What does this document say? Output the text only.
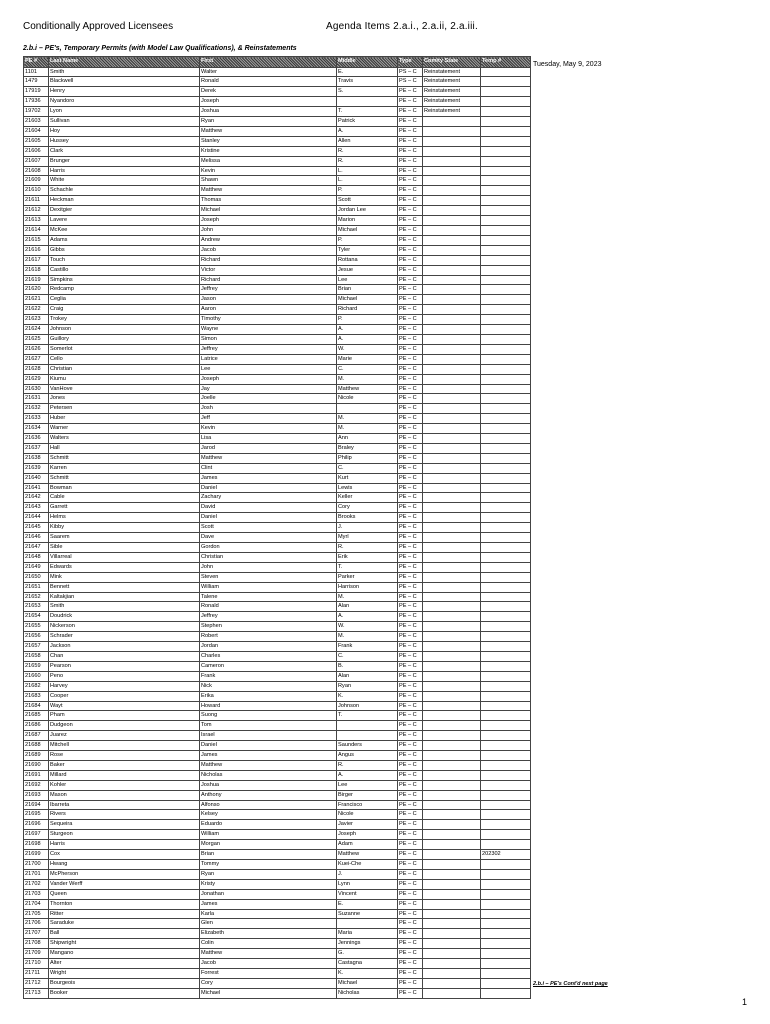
Conditionally Approved Licensees	Agenda Items 2.a.i., 2.a.ii, 2.a.iii.
2.b.i – PE's, Temporary Permits (with Model Law Qualifications), & Reinstatements
Tuesday, May 9, 2023
PE #	Last Name	First	Middle	Type	Comity State	Temp #
1101	Smith	Walter	E.	PS – C	Reinstatement	
1479	Blackwell	Ronald	Travis	PS – C	Reinstatement	
17919	Henry	Derek	S.	PE – C	Reinstatement	
17936	Nyandoro	Joseph		PE – C	Reinstatement	
19702	Lyon	Joshua	T.	PE – C	Reinstatement	
21603	Sullivan	Ryan	Patrick	PE – C		
21604	Hoy	Matthew	A.	PE – C		
21605	Hussey	Stanley	Allen	PE – C		
21606	Clark	Kristine	R.	PE – C		
21607	Brunger	Melissa	R.	PE – C		
21608	Harris	Kevin	L.	PE – C		
21609	White	Shawn	L.	PE – C		
21610	Schachle	Matthew	P.	PE – C		
21611	Heckman	Thomas	Scott	PE – C		
21612	Dexitgier	Michael	Jordan Lee	PE – C		
21613	Lavere	Joseph	Marion	PE – C		
21614	McKee	John	Michael	PE – C		
21615	Adams	Andrew	P.	PE – C		
21616	Gibbs	Jacob	Tyler	PE – C		
21617	Touch	Richard	Rottana	PE – C		
21618	Castillo	Victor	Jesue	PE – C		
21619	Simpkins	Richard	Lee	PE – C		
21620	Redcamp	Jeffrey	Brian	PE – C		
21621	Ceglia	Jason	Michael	PE – C		
21622	Craig	Aaron	Richard	PE – C		
21623	Trokey	Timothy	P.	PE – C		
21624	Johnson	Wayne	A.	PE – C		
21625	Guillory	Simon	A.	PE – C		
21626	Somerlot	Jeffrey	W.	PE – C		
21627	Cello	Latrice	Marie	PE – C		
21628	Christian	Lee	C.	PE – C		
21629	Kiumu	Joseph	M.	PE – C		
21630	VanHove	Jay	Matthew	PE – C		
21631	Jones	Joelle	Nicole	PE – C		
21632	Petersen	Josh		PE – C		
21633	Huber	Jeff	M.	PE – C		
21634	Warner	Kevin	M.	PE – C		
21636	Walters	Lisa	Ann	PE – C		
21637	Hall	Jarod	Braley	PE – C		
21638	Schmitt	Matthew	Philip	PE – C		
21639	Karren	Clint	C.	PE – C		
21640	Schmitt	James	Kurt	PE – C		
21641	Bowman	Daniel	Lewis	PE – C		
21642	Cable	Zachary	Keller	PE – C		
21643	Garrett	David	Cory	PE – C		
21644	Helms	Daniel	Brooks	PE – C		
21645	Kibby	Scott	J.	PE – C		
21646	Saarem	Dave	Myrl	PE – C		
21647	Sible	Gordon	R.	PE – C		
21648	Villarreal	Christian	Erik	PE – C		
21649	Edwards	John	T.	PE – C		
21650	Mink	Steven	Parker	PE – C		
21651	Bennett	William	Harrison	PE – C		
21652	Kaltakjian	Talene	M.	PE – C		
21653	Smith	Ronald	Alan	PE – C		
21654	Doudrick	Jeffrey	A.	PE – C		
21655	Nickerson	Stephen	W.	PE – C		
21656	Schrader	Robert	M.	PE – C		
21657	Jackson	Jordan	Frank	PE – C		
21658	Chan	Charles	C.	PE – C		
21659	Pearson	Cameron	B.	PE – C		
21660	Peno	Frank	Alan	PE – C		
21682	Harvey	Nick	Ryan	PE – C		
21683	Cooper	Erika	K.	PE – C		
21684	Wayt	Howard	Johnson	PE – C		
21685	Pham	Suong	T.	PE – C		
21686	Dudgeon	Tom		PE – C		
21687	Juarez	Israel		PE – C		
21688	Mitchell	Daniel	Saunders	PE – C		
21689	Rose	James	Angus	PE – C		
21690	Baker	Matthew	R.	PE – C		
21691	Millard	Nicholas	A.	PE – C		
21692	Kohler	Joshua	Lee	PE – C		
21693	Mason	Anthony	Birger	PE – C		
21694	Ibarreta	Alfonso	Francisco	PE – C		
21695	Rivers	Kelsey	Nicole	PE – C		
21696	Sequeira	Eduardo	Javier	PE – C		
21697	Sturgeon	William	Joseph	PE – C		
21698	Harris	Morgan	Adam	PE – C		
21699	Cox	Brian	Matthew	PE – C		202302
21700	Hwang	Tommy	Kuei-Che	PE – C		
21701	McPherson	Ryan	J.	PE – C		
21702	Vander Werff	Kristy	Lynn	PE – C		
21703	Queen	Jonathan	Vincent	PE – C		
21704	Thornton	James	E.	PE – C		
21705	Ritter	Karla	Suzanne	PE – C		
21706	Saraduke	Glen		PE – C		
21707	Ball	Elizabeth	Maria	PE – C		
21708	Shipwright	Colin	Jennings	PE – C		
21709	Mangano	Matthew	G.	PE – C		
21710	Alter	Jacob	Castagna	PE – C		
21711	Wright	Forrest	K.	PE – C		
21712	Bourgeois	Cory	Michael	PE – C		
21713	Booker	Michael	Nicholas	PE – C		
2.b.i – PE's Cont'd next page
1
